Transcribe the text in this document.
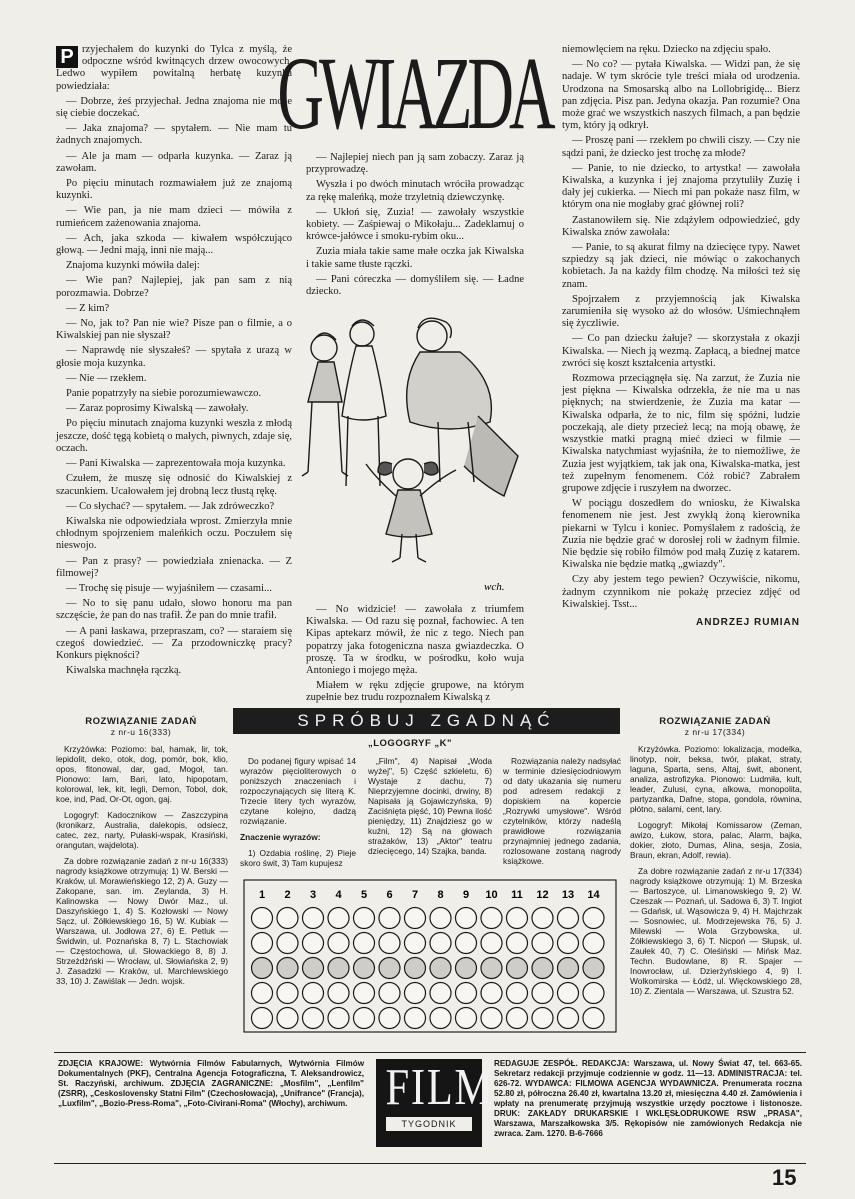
P rzyjechałem do kuzynki do Tylca z myślą, że odpoczne wśród kwitnących drzew owocowych. Ledwo wypiłem powitalną herbatę kuzynka powiedziała:

— Dobrze, żeś przyjechał. Jedna znajoma nie może się ciebie doczekać.

— Jaka znajoma? — spytałem. — Nie mam tu żadnych znajomych.

— Ale ja mam — odparła kuzynka. — Zaraz ją zawołam.

Po pięciu minutach rozmawiałem już ze znajomą kuzynki.

— Wie pan, ja nie mam dzieci — mówiła z rumieńcem zażenowania znajoma.

— Ach, jaka szkoda — kiwałem współczująco głową. — Jedni mają, inni nie mają...

Znajoma kuzynki mówiła dalej:

— Wie pan? Najlepiej, jak pan sam z nią porozmawia. Dobrze?

— Z kim?

— No, jak to? Pan nie wie? Pisze pan o filmie, a o Kiwalskiej pan nie słyszał?

— Naprawdę nie słyszałeś? — spytała z urazą w głosie moja kuzynka.

— Nie — rzekłem.

Panie popatrzyły na siebie porozumiewawczo.

— Zaraz poprosimy Kiwalską — zawołały.

Po pięciu minutach znajoma kuzynki weszła z młodą jeszcze, dość tęgą kobietą o małych, piwnych, zdaje się, oczach.

— Pani Kiwalska — zaprezentowała moja kuzynka.

Czułem, że muszę się odnosić do Kiwalskiej z szacunkiem. Ucałowałem jej drobną lecz tłustą rękę.

— Co słychać? — spytałem. — Jak zdróweczko?

Kiwalska nie odpowiedziała wprost. Zmierzyła mnie chłodnym spojrzeniem maleńkich oczu. Poczułem się nieswojo.

— Pan z prasy? — powiedziała znienacka. — Z filmowej?

— Trochę się pisuje — wyjaśniłem — czasami...

— No to się panu udało, słowo honoru ma pan szczęście, że pan do nas trafił. Że pan do mnie trafił.

— A pani łaskawa, przepraszam, co? — staraiem się czegoś dowiedzieć. — Za przodowniczkę pracy? Konkurs piękności?

Kiwalska machnęła rączką.

GWIAZDA

— Najlepiej niech pan ją sam zobaczy. Zaraz ją przyprowadzę.

Wyszła i po dwóch minutach wróciła prowadząc za rękę maleńką, może trzyletnią dziewczynkę.

— Ukłoń się, Zuzia! — zawołały wszystkie kobiety. — Zaśpiewaj o Mikołaju... Zadeklamuj o krówce-jałówce i smoku-rybim oku...

Zuzia miała takie same małe oczka jak Kiwalska i takie same tłuste rączki.

— Pani córeczka — domyśliłem się. — Ładne dziecko.

wch.

— No widzicie! — zawołała z triumfem Kiwalska. — Od razu się poznał, fachowiec. A ten Kipas aptekarz mówił, że nic z tego. Niech pan popatrzy jaka fotogeniczna nasza gwiazdeczka. O proszę. Ta w środku, w pośrodku, koło wuja Antoniego i mojego męża.

Miałem w ręku zdjęcie grupowe, na którym zupełnie bez trudu rozpoznałem Kiwalską z

niemowlęciem na ręku. Dziecko na zdjęciu spało.

— No co? — pytała Kiwalska. — Widzi pan, że się nadaje. W tym skrócie tyle treści miała od urodzenia. Urodzona na Smosarską albo na Lollobrigidę... Bierz pan zdjęcia. Pisz pan. Jedyna okazja. Pan rozumie? Ona może grać we wszystkich naszych filmach, a pan będzie tym, który ją odkrył.

— Proszę pani — rzekłem po chwili ciszy. — Czy nie sądzi pani, że dziecko jest trochę za młode?

— Panie, to nie dziecko, to artystka! — zawołała Kiwalska, a kuzynka i jej znajoma przytuliły Zuzię i dały jej cukierka. — Niech mi pan pokaże nasz film, w którym ona nie mogłaby grać głównej roli?

Zastanowiłem się. Nie zdążyłem odpowiedzieć, gdy Kiwalska znów zawołała:

— Panie, to są akurat filmy na dziecięce typy. Nawet szpiedzy są jak dzieci, nie mówiąc o zakochanych kobietach. Ja na każdy film chodzę. Na miłości też się znam.

Spojrzałem z przyjemnością jak Kiwalska zarumieniła się wysoko aż do włosów. Uśmiechnąłem się życzliwie.

— Co pan dziecku żałuje? — skorzystała z okazji Kiwalska. — Niech ją wezmą. Zapłacą, a biednej matce zwróci się koszt kształcenia artystki.

Rozmowa przeciągnęła się. Na zarzut, że Zuzia nie jest piękna — Kiwalska odrzekła, że nie ma u nas pięknych; na stwierdzenie, że Zuzia ma katar — Kiwalska odparła, że to nic, film się spóźni, ludzie poczekają, ale diety przecież lecą; na moją obawę, że wszystkie matki pragną mieć dzieci w filmie — Kiwalska natychmiast wyjaśniła, że to niemożliwe, że Zuzia jest wyjątkiem, tak jak ona, Kiwalska-matka, jest też zupełnym fenomenem. Cóż robić? Zabrałem grupowe zdjęcie i ruszyłem na dworzec.

W pociągu doszedłem do wniosku, że Kiwalska fenomenem nie jest. Jest zwykłą żoną kierownika piekarni w Tylcu i koniec. Pomyślałem z radością, że Zuzia nie będzie grać w dorosłej roli w żadnym filmie. Nie będzie się robiło filmów pod małą Zuzię z katarem. Kiwalska nie będzie matką „gwiazdy".

Czy aby jestem tego pewien? Oczywiście, nikomu, żadnym czynnikom nie pokażę przeciez zdjęć od Kiwalskiej. Tsst...

ANDRZEJ RUMIAN
SPRÓBUJ ZGADNĄĆ
ROZWIĄZANIE ZADAŃ
z nr-u 16(333)

Krzyżówka: Poziomo: bal, hamak, lir, tok, lepidolit, deko, otok, dog, pomór, bok, klio, opos, fitonowal, dar, gad, Mogoł, tan. Pionowo: Iam, Bari, lato, hipopotam, kolorowal, lek, kit, legli, Demon, Tobol, dok, koe, ind, Pad, Or-Ot, ogon, gaj.

Logogryf: Kadocznikow — Zaszczypina (kronikarz, Australia, dalekopis, odsiecz, catec, zez, narty, Pułaski-wspak, Krasiński, orangutan, wajdelota).

Za dobre rozwiązanie zadań z nr-u 16(333) nagrody książkowe otrzymują: 1) W. Berski — Kraków, ul. Morawieńskiego 12, 2) A. Guzy — Zakopane, san. im. Zeylanda, 3) H. Kalinowska — Nowy Dwór Maz., ul. Daszyńskiego 1, 4) S. Kozłowski — Nowy Sącz, ul. Żółkiewskiego 16, 5) W. Kubiak — Warszawa, ul. Jodłowa 27, 6) E. Petluk — Świdwin, ul. Poznańska 8, 7) L. Stachowiak — Częstochowa, ul. Słowackiego 8, 8) J. Strzeżdżński — Wrocław, ul. Słowiańska 2, 9) J. Zasadzki — Kraków, ul. Marchlewskiego 33, 10) J. Zawiślak — Jedn. wojsk.

„LOGOGRYF „K"

Do podanej figury wpisać 14 wyrazów pięcioliterowych o poniższych znaczeniach i rozpoczynających się literą K. Trzecie litery tych wyrazów, czytane kolejno, dadzą rozwiązanie.

Znaczenie wyrazów:

1) Ozdabia roślinę, 2) Pieje skoro świt, 3) Tam kupujesz

„Film", 4) Napisał „Woda wyżej", 5) Część szkieletu, 6) Wystaje z dachu, 7) Nieprzyjemne docinki, drwiny, 8) Napisała ją Gojawiczyńska, 9) Zaciśnięta pięść, 10) Pewna ilość pieniędzy, 11) Znajdziesz go w kuźni, 12) Są na głowach strażaków, 13) „Aktor" teatru dziecięcego, 14) Szajka, banda.

Rozwiązania należy nadsyłać w terminie dziesięciodniowym od daty ukazania się numeru pod adresem redakcji z dopiskiem na kopercie „Rozrywki umysłowe". Wśród czytelników, którzy nadeślą prawidłowe rozwiązania przynajmniej jednego zadania, rozlosowane zostaną nagrody książkowe.

1 2 3 4 5 6 7 8 9 10 11 12 13 14
ROZWIĄZANIE ZADAŃ
z nr-u 17(334)

Krzyżówka. Poziomo: lokalizacja, modelka, linotyp, noir, beksa, twór, plakat, straty, laguna, Sparta, sens, Altaj, świt, abonent, analiza, astrofizyka. Pionowo: Ludmiła, kult, leader, Zulusi, cyna, alkowa, monopolita, partyzantka, Dafne, stopa, gondola, równina, płótno, salami, cent, lary.

Logogryf: Mikołaj Komissarow (Zeman, awizo, Łukow, stora, palac, Alarm, bajka, dokier, złoto, Dumas, Alina, sesja, Zosia, Braun, ekran, Adolf, rewia).

Za dobre rozwiązanie zadań z nr-u 17(334) nagrody książkowe otrzymują: 1) M. Brzeska — Bartoszyce, ul. Limanowskiego 9, 2) W. Czeszak — Poznań, ul. Sadowa 6, 3) T. Ingiot — Gdańsk, ul. Wąsowicza 9, 4) H. Majchrzak — Sosnowiec, ul. Modrzejewska 76, 5) J. Milewski — Wola Grzybowska, ul. Żółkiewskiego 3, 6) T. Nicpoń — Słupsk, ul. Zaułek 40, 7) C. Oleśiński — Mińsk Maz. Techn. Budowlane, 8) R. Spajer — Inowrocław, ul. Dzierżyńskiego 4, 9) I. Wolkomirska — Łódź, ul. Więckowskiego 28, 10) Z. Zientala — Warszawa, ul. Szustra 52.

ZDJĘCIA KRAJOWE: Wytwórnia Filmów Fabularnych, Wytwórnia Filmów Dokumentalnych (PKF), Centralna Agencja Fotograficzna, T. Aleksandrowicz, St. Raczyński, archiwum. ZDJĘCIA ZAGRANICZNE: „Mosfilm", „Lenfilm" (ZSRR), „Ceskoslovensky Statni Film" (Czechosłowacja), „Unifrance" (Francja), „Luxfilm", „Bozio-Press-Roma", „Foto-Civirani-Roma" (Włochy), archiwum. FILM
TYGODNIK
REDAGUJE ZESPÓŁ. REDAKCJA: Warszawa, ul. Nowy Świat 47, tel. 663-65. Sekretarz redakcji przyjmuje codziennie w godz. 11—13. ADMINISTRACJA: tel. 626-72. WYDAWCA: FILMOWA AGENCJA WYDAWNICZA. Prenumerata roczna 52.80 zł, półroczna 26.40 zł, kwartalna 13.20 zł, miesięczna 4.40 zł. Zamówienia i wpłaty na prenumeratę przyjmują wszystkie urzędy pocztowe i listonosze. DRUK: ZAKŁADY DRUKARSKIE I WKLĘSŁODRUKOWE RSW „PRASA", Warszawa, Marszałkowska 3/5. Rękopisów nie zamówionych Redakcja nie zwraca. Zam. 1270. B-6-7666
15
